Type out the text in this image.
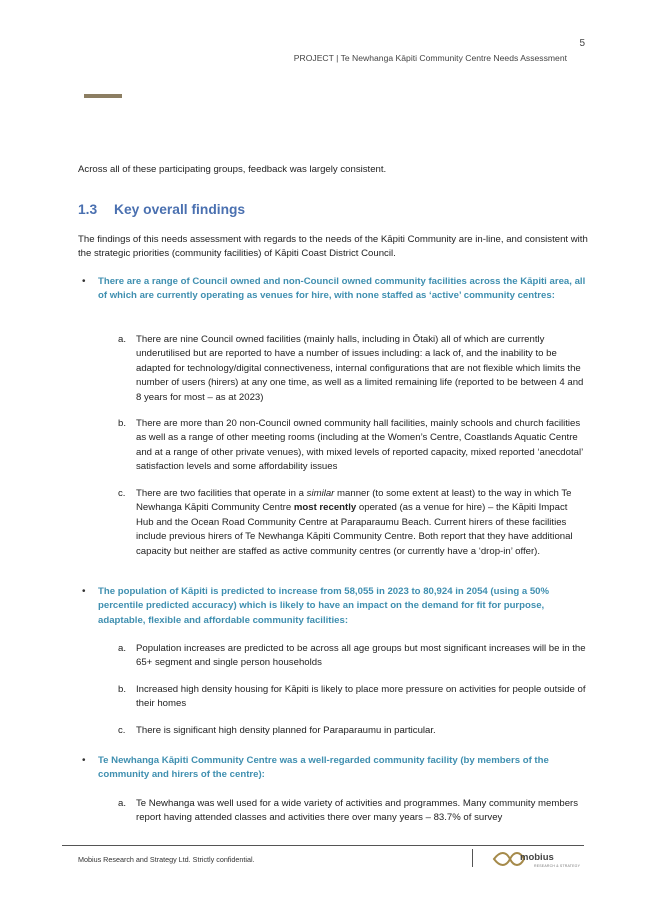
5
PROJECT | Te Newhanga Kāpiti Community Centre Needs Assessment
Across all of these participating groups, feedback was largely consistent.
1.3 Key overall findings
The findings of this needs assessment with regards to the needs of the Kāpiti Community are in-line, and consistent with the strategic priorities (community facilities) of Kāpiti Coast District Council.
• There are a range of Council owned and non-Council owned community facilities across the Kāpiti area, all of which are currently operating as venues for hire, with none staffed as ‘active’ community centres:
a. There are nine Council owned facilities (mainly halls, including in Ōtaki) all of which are currently underutilised but are reported to have a number of issues including: a lack of, and the inability to be adapted for technology/digital connectiveness, internal configurations that are not flexible which limits the number of users (hirers) at any one time, as well as a limited remaining life (reported to be between 4 and 8 years for most – as at 2023)
b. There are more than 20 non-Council owned community hall facilities, mainly schools and church facilities as well as a range of other meeting rooms (including at the Women’s Centre, Coastlands Aquatic Centre and at a range of other private venues), with mixed levels of reported capacity, mixed reported ‘anecdotal’ satisfaction levels and some affordability issues
c. There are two facilities that operate in a similar manner (to some extent at least) to the way in which Te Newhanga Kāpiti Community Centre most recently operated (as a venue for hire) – the Kāpiti Impact Hub and the Ocean Road Community Centre at Paraparaumu Beach. Current hirers of these facilities include previous hirers of Te Newhanga Kāpiti Community Centre. Both report that they have additional capacity but neither are staffed as active community centres (or currently have a ‘drop-in’ offer).
• The population of Kāpiti is predicted to increase from 58,055 in 2023 to 80,924 in 2054 (using a 50% percentile predicted accuracy) which is likely to have an impact on the demand for fit for purpose, adaptable, flexible and affordable community facilities:
a. Population increases are predicted to be across all age groups but most significant increases will be in the 65+ segment and single person households
b. Increased high density housing for Kāpiti is likely to place more pressure on activities for people outside of their homes
c. There is significant high density planned for Paraparaumu in particular.
• Te Newhanga Kāpiti Community Centre was a well-regarded community facility (by members of the community and hirers of the centre):
a. Te Newhanga was well used for a wide variety of activities and programmes. Many community members report having attended classes and activities there over many years – 83.7% of survey
Mobius Research and Strategy Ltd. Strictly confidential.	mobius
RESEARCH & STRATEGY
